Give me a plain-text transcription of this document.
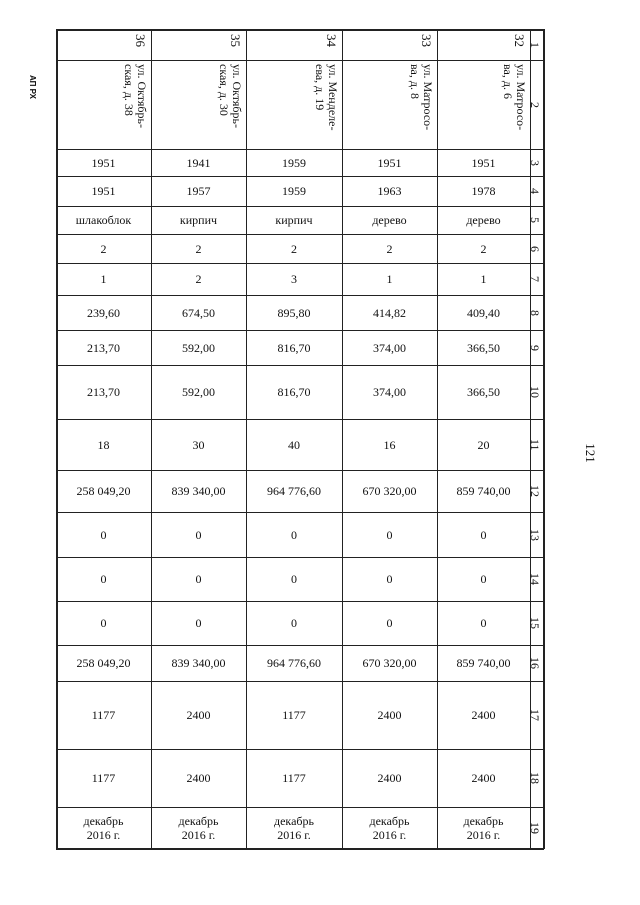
АП РХ
121
1
2
3
4
5
6
7
8
9
10
11
12
13
14
15
16
17
18
19
32
ул. Матросо-
ва, д. 6
1951
1978
дерево
2
1
409,40
366,50
366,50
20
859 740,00
0
0
0
859 740,00
2400
2400
декабрь
2016 г.
33
ул. Матросо-
ва, д. 8
1951
1963
дерево
2
1
414,82
374,00
374,00
16
670 320,00
0
0
0
670 320,00
2400
2400
декабрь
2016 г.
34
ул. Менделе-
ева, д. 19
1959
1959
кирпич
2
3
895,80
816,70
816,70
40
964 776,60
0
0
0
964 776,60
1177
1177
декабрь
2016 г.
35
ул. Октябрь-
ская, д. 30
1941
1957
кирпич
2
2
674,50
592,00
592,00
30
839 340,00
0
0
0
839 340,00
2400
2400
декабрь
2016 г.
36
ул. Октябрь-
ская, д. 38
1951
1951
шлакоблок
2
1
239,60
213,70
213,70
18
258 049,20
0
0
0
258 049,20
1177
1177
декабрь
2016 г.
